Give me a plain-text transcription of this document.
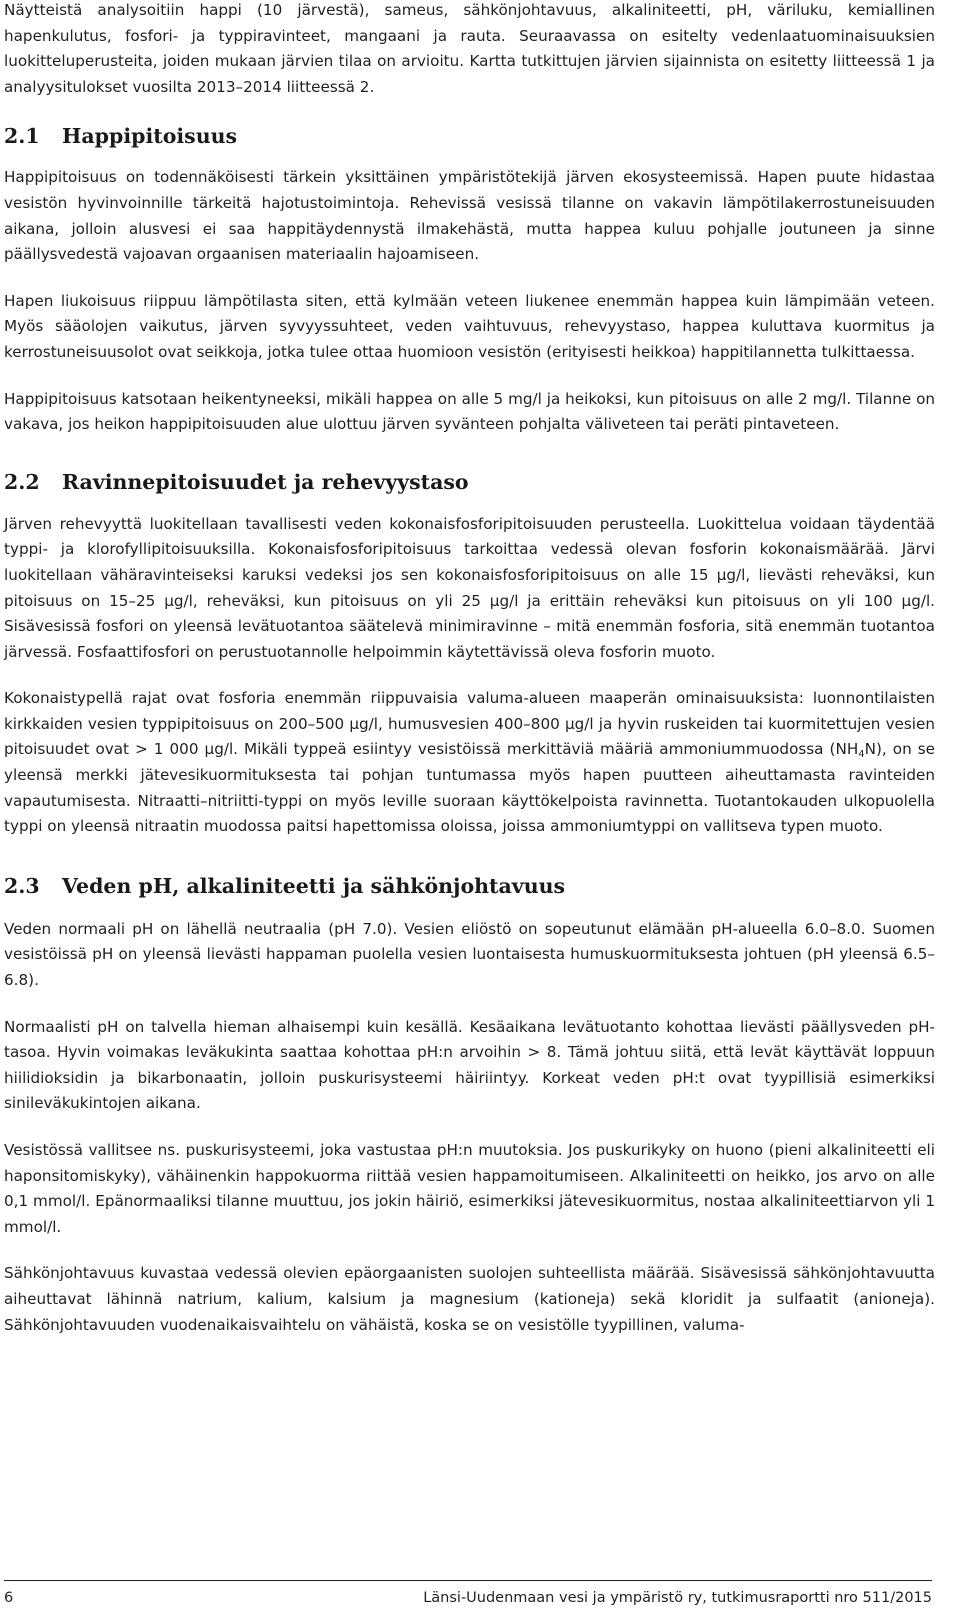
Näytteistä analysoitiin happi (10 järvestä), sameus, sähkönjohtavuus, alkaliniteetti, pH, väriluku, kemiallinen hapenkulutus, fosfori- ja typpiravinteet, mangaani ja rauta. Seuraavassa on esitelty vedenlaatuominaisuuksien luokitteluperusteita, joiden mukaan järvien tilaa on arvioitu. Kartta tutkittujen järvien sijainnista on esitetty liitteessä 1 ja analyysitulokset vuosilta 2013–2014 liitteessä 2.

2.1	Happipitoisuus

Happipitoisuus on todennäköisesti tärkein yksittäinen ympäristötekijä järven ekosysteemissä. Hapen puute hidastaa vesistön hyvinvoinnille tärkeitä hajotustoimintoja. Rehevissä vesissä tilanne on vakavin lämpötilakerrostuneisuuden aikana, jolloin alusvesi ei saa happitäydennystä ilmakehästä, mutta happea kuluu pohjalle joutuneen ja sinne päällysvedestä vajoavan orgaanisen materiaalin hajoamiseen.

Hapen liukoisuus riippuu lämpötilasta siten, että kylmään veteen liukenee enemmän happea kuin lämpimään veteen. Myös sääolojen vaikutus, järven syvyyssuhteet, veden vaihtuvuus, rehevyystaso, happea kuluttava kuormitus ja kerrostuneisuusolot ovat seikkoja, jotka tulee ottaa huomioon vesistön (erityisesti heikkoa) happitilannetta tulkittaessa.

Happipitoisuus katsotaan heikentyneeksi, mikäli happea on alle 5 mg/l ja heikoksi, kun pitoisuus on alle 2 mg/l. Tilanne on vakava, jos heikon happipitoisuuden alue ulottuu järven syvänteen pohjalta väliveteen tai peräti pintaveteen.

2.2	Ravinnepitoisuudet ja rehevyystaso

Järven rehevyyttä luokitellaan tavallisesti veden kokonaisfosforipitoisuuden perusteella. Luokittelua voidaan täydentää typpi- ja klorofyllipitoisuuksilla. Kokonaisfosforipitoisuus tarkoittaa vedessä olevan fosforin kokonaismäärää. Järvi luokitellaan vähäravinteiseksi karuksi vedeksi jos sen kokonaisfosforipitoisuus on alle 15 µg/l, lievästi reheväksi, kun pitoisuus on 15–25 µg/l, reheväksi, kun pitoisuus on yli 25 µg/l ja erittäin reheväksi kun pitoisuus on yli 100 µg/l. Sisävesissä fosfori on yleensä levätuotantoa säätelevä minimiravinne – mitä enemmän fosforia, sitä enemmän tuotantoa järvessä. Fosfaattifosfori on perustuotannolle helpoimmin käytettävissä oleva fosforin muoto.

Kokonaistypellä rajat ovat fosforia enemmän riippuvaisia valuma-alueen maaperän ominaisuuksista: luonnontilaisten kirkkaiden vesien typpipitoisuus on 200–500 µg/l, humusvesien 400–800 µg/l ja hyvin ruskeiden tai kuormitettujen vesien pitoisuudet ovat > 1 000 µg/l. Mikäli typpeä esiintyy vesistöissä merkittäviä määriä ammoniummuodossa $(NH_4N)$, on se yleensä merkki jätevesikuormituksesta tai pohjan tuntumassa myös hapen puutteen aiheuttamasta ravinteiden vapautumisesta. Nitraatti–nitriitti-typpi on myös leville suoraan käyttökelpoista ravinnetta. Tuotantokauden ulkopuolella typpi on yleensä nitraatin muodossa paitsi hapettomissa oloissa, joissa ammoniumtyppi on vallitseva typen muoto.

2.3	Veden pH, alkaliniteetti ja sähkönjohtavuus

Veden normaali pH on lähellä neutraalia (pH 7.0). Vesien eliöstö on sopeutunut elämään pH-alueella 6.0–8.0. Suomen vesistöissä pH on yleensä lievästi happaman puolella vesien luontaisesta humuskuormituksesta johtuen (pH yleensä 6.5–6.8).

Normaalisti pH on talvella hieman alhaisempi kuin kesällä. Kesäaikana levätuotanto kohottaa lievästi päällysveden pH-tasoa. Hyvin voimakas leväkukinta saattaa kohottaa pH:n arvoihin > 8. Tämä johtuu siitä, että levät käyttävät loppuun hiilidioksidin ja bikarbonaatin, jolloin puskurisysteemi häiriintyy. Korkeat veden pH:t ovat tyypillisiä esimerkiksi sinileväkukintojen aikana.

Vesistössä vallitsee ns. puskurisysteemi, joka vastustaa pH:n muutoksia. Jos puskurikyky on huono (pieni alkaliniteetti eli haponsitomiskyky), vähäinenkin happokuorma riittää vesien happamoitumiseen. Alkaliniteetti on heikko, jos arvo on alle 0,1 mmol/l. Epänormaaliksi tilanne muuttuu, jos jokin häiriö, esimerkiksi jätevesikuormitus, nostaa alkaliniteettiarvon yli 1 mmol/l.

Sähkönjohtavuus kuvastaa vedessä olevien epäorgaanisten suolojen suhteellista määrää. Sisävesissä sähkönjohtavuutta aiheuttavat lähinnä natrium, kalium, kalsium ja magnesium (kationeja) sekä kloridit ja sulfaatit (anioneja). Sähkönjohtavuuden vuodenaikaisvaihtelu on vähäistä, koska se on vesistölle tyypillinen, valuma-

6	Länsi-Uudenmaan vesi ja ympäristö ry, tutkimusraportti nro 511/2015
